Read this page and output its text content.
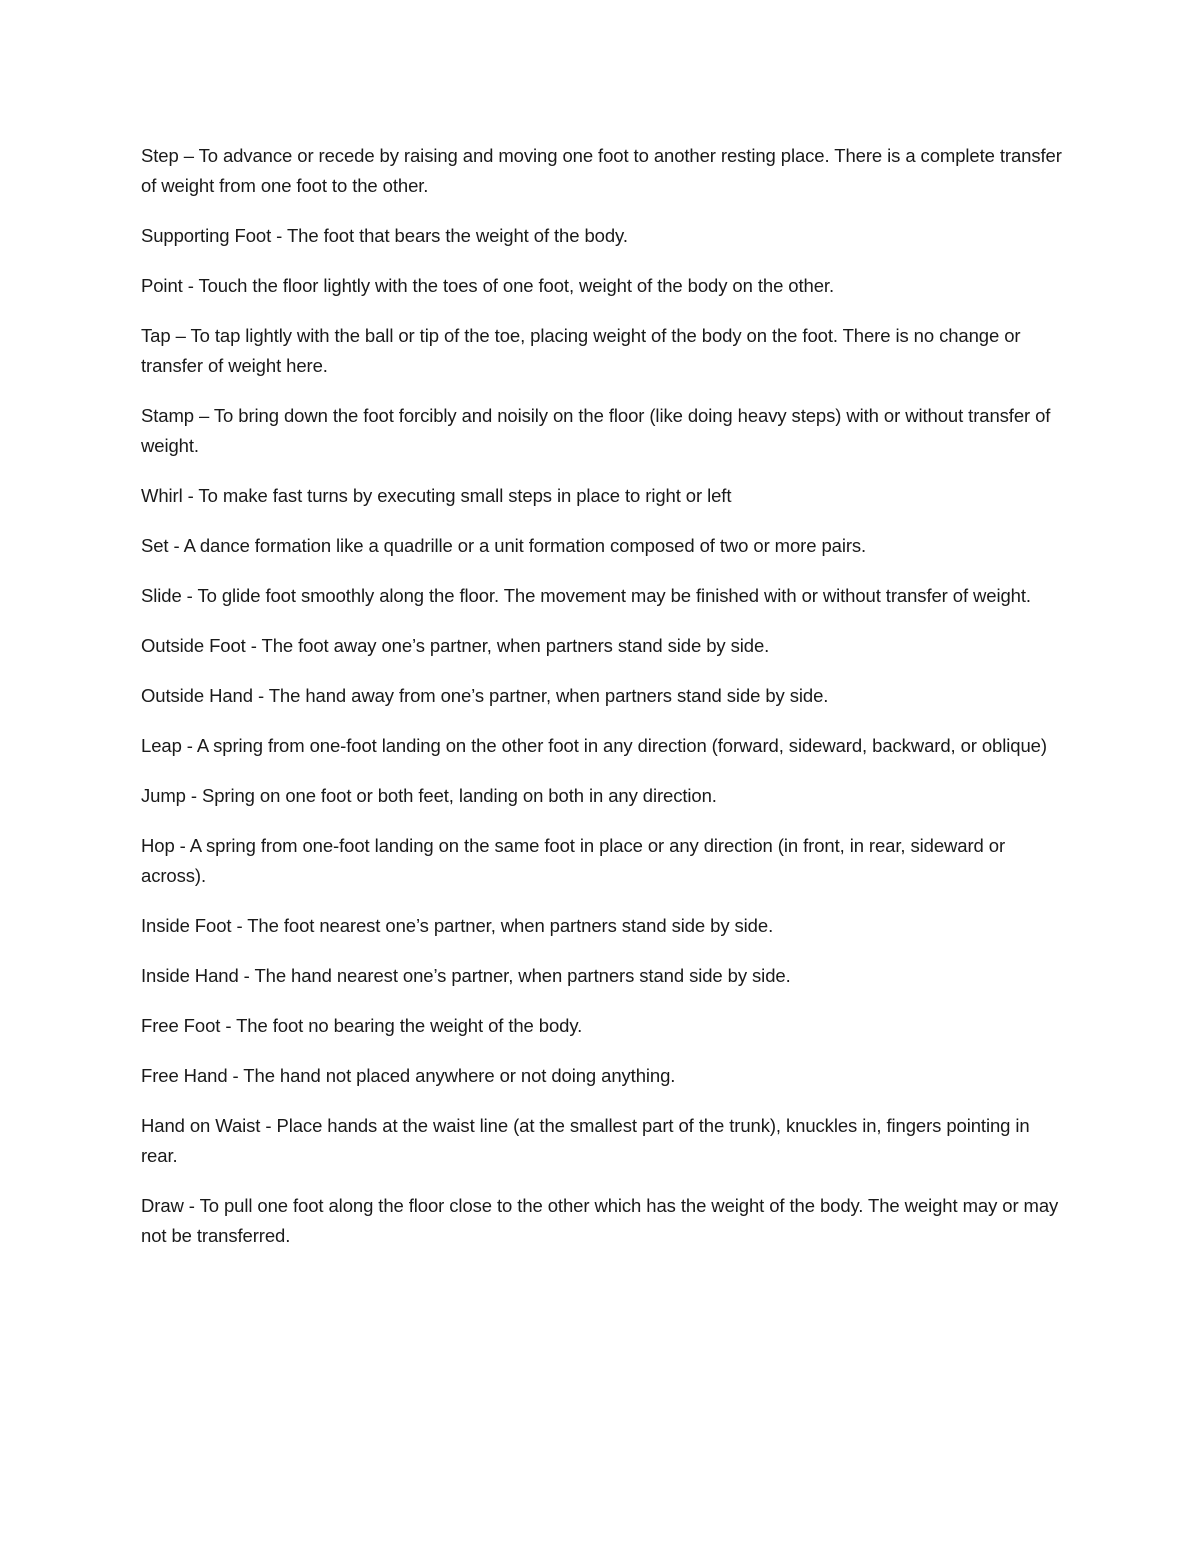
Step – To advance or recede by raising and moving one foot to another resting place. There is a complete transfer of weight from one foot to the other.

Supporting Foot - The foot that bears the weight of the body.

Point - Touch the floor lightly with the toes of one foot, weight of the body on the other.

Tap – To tap lightly with the ball or tip of the toe, placing weight of the body on the foot. There is no change or transfer of weight here.

Stamp – To bring down the foot forcibly and noisily on the floor (like doing heavy steps) with or without transfer of weight.

Whirl - To make fast turns by executing small steps in place to right or left

Set - A dance formation like a quadrille or a unit formation composed of two or more pairs.

Slide - To glide foot smoothly along the floor. The movement may be finished with or without transfer of weight.

Outside Foot - The foot away one’s partner, when partners stand side by side.

Outside Hand - The hand away from one’s partner, when partners stand side by side.

Leap - A spring from one-foot landing on the other foot in any direction (forward, sideward, backward, or oblique)

Jump - Spring on one foot or both feet, landing on both in any direction.

Hop - A spring from one-foot landing on the same foot in place or any direction (in front, in rear, sideward or across).

Inside Foot - The foot nearest one’s partner, when partners stand side by side.

Inside Hand - The hand nearest one’s partner, when partners stand side by side.

Free Foot - The foot no bearing the weight of the body.

Free Hand - The hand not placed anywhere or not doing anything.

Hand on Waist - Place hands at the waist line (at the smallest part of the trunk), knuckles in, fingers pointing in rear.

Draw - To pull one foot along the floor close to the other which has the weight of the body. The weight may or may not be transferred.
